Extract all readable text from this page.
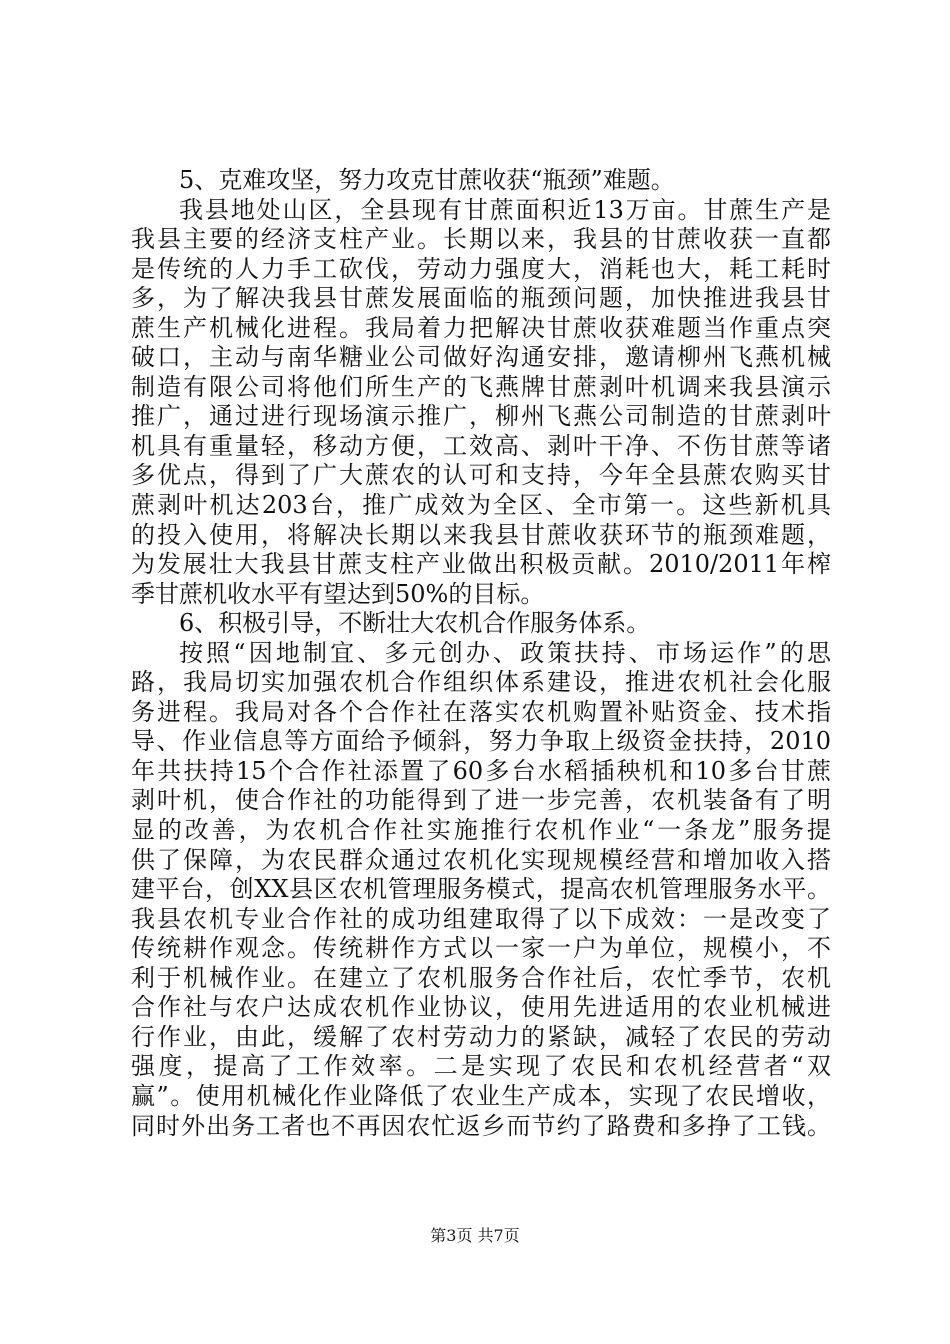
5、克难攻坚，努力攻克甘蔗收获“瓶颈”难题。
我县地处山区，全县现有甘蔗面积近13万亩。甘蔗生产是
我县主要的经济支柱产业。长期以来，我县的甘蔗收获一直都
是传统的人力手工砍伐，劳动力强度大，消耗也大，耗工耗时
多，为了解决我县甘蔗发展面临的瓶颈问题，加快推进我县甘
蔗生产机械化进程。我局着力把解决甘蔗收获难题当作重点突
破口，主动与南华糖业公司做好沟通安排，邀请柳州飞燕机械
制造有限公司将他们所生产的飞燕牌甘蔗剥叶机调来我县演示
推广，通过进行现场演示推广，柳州飞燕公司制造的甘蔗剥叶
机具有重量轻，移动方便，工效高、剥叶干净、不伤甘蔗等诸
多优点，得到了广大蔗农的认可和支持，今年全县蔗农购买甘
蔗剥叶机达203台，推广成效为全区、全市第一。这些新机具
的投入使用，将解决长期以来我县甘蔗收获环节的瓶颈难题，
为发展壮大我县甘蔗支柱产业做出积极贡献。2010/2011年榨
季甘蔗机收水平有望达到50%的目标。
6、积极引导，不断壮大农机合作服务体系。
按照“因地制宜、多元创办、政策扶持、市场运作”的思
路，我局切实加强农机合作组织体系建设，推进农机社会化服
务进程。我局对各个合作社在落实农机购置补贴资金、技术指
导、作业信息等方面给予倾斜，努力争取上级资金扶持，2010
年共扶持15个合作社添置了60多台水稻插秧机和10多台甘蔗
剥叶机，使合作社的功能得到了进一步完善，农机装备有了明
显的改善，为农机合作社实施推行农机作业“一条龙”服务提
供了保障，为农民群众通过农机化实现规模经营和增加收入搭
建平台，创XX县区农机管理服务模式，提高农机管理服务水平。
我县农机专业合作社的成功组建取得了以下成效：一是改变了
传统耕作观念。传统耕作方式以一家一户为单位，规模小，不
利于机械作业。在建立了农机服务合作社后，农忙季节，农机
合作社与农户达成农机作业协议，使用先进适用的农业机械进
行作业，由此，缓解了农村劳动力的紧缺，减轻了农民的劳动
强度，提高了工作效率。二是实现了农民和农机经营者“双
赢”。使用机械化作业降低了农业生产成本，实现了农民增收，
同时外出务工者也不再因农忙返乡而节约了路费和多挣了工钱。
第3页 共7页
